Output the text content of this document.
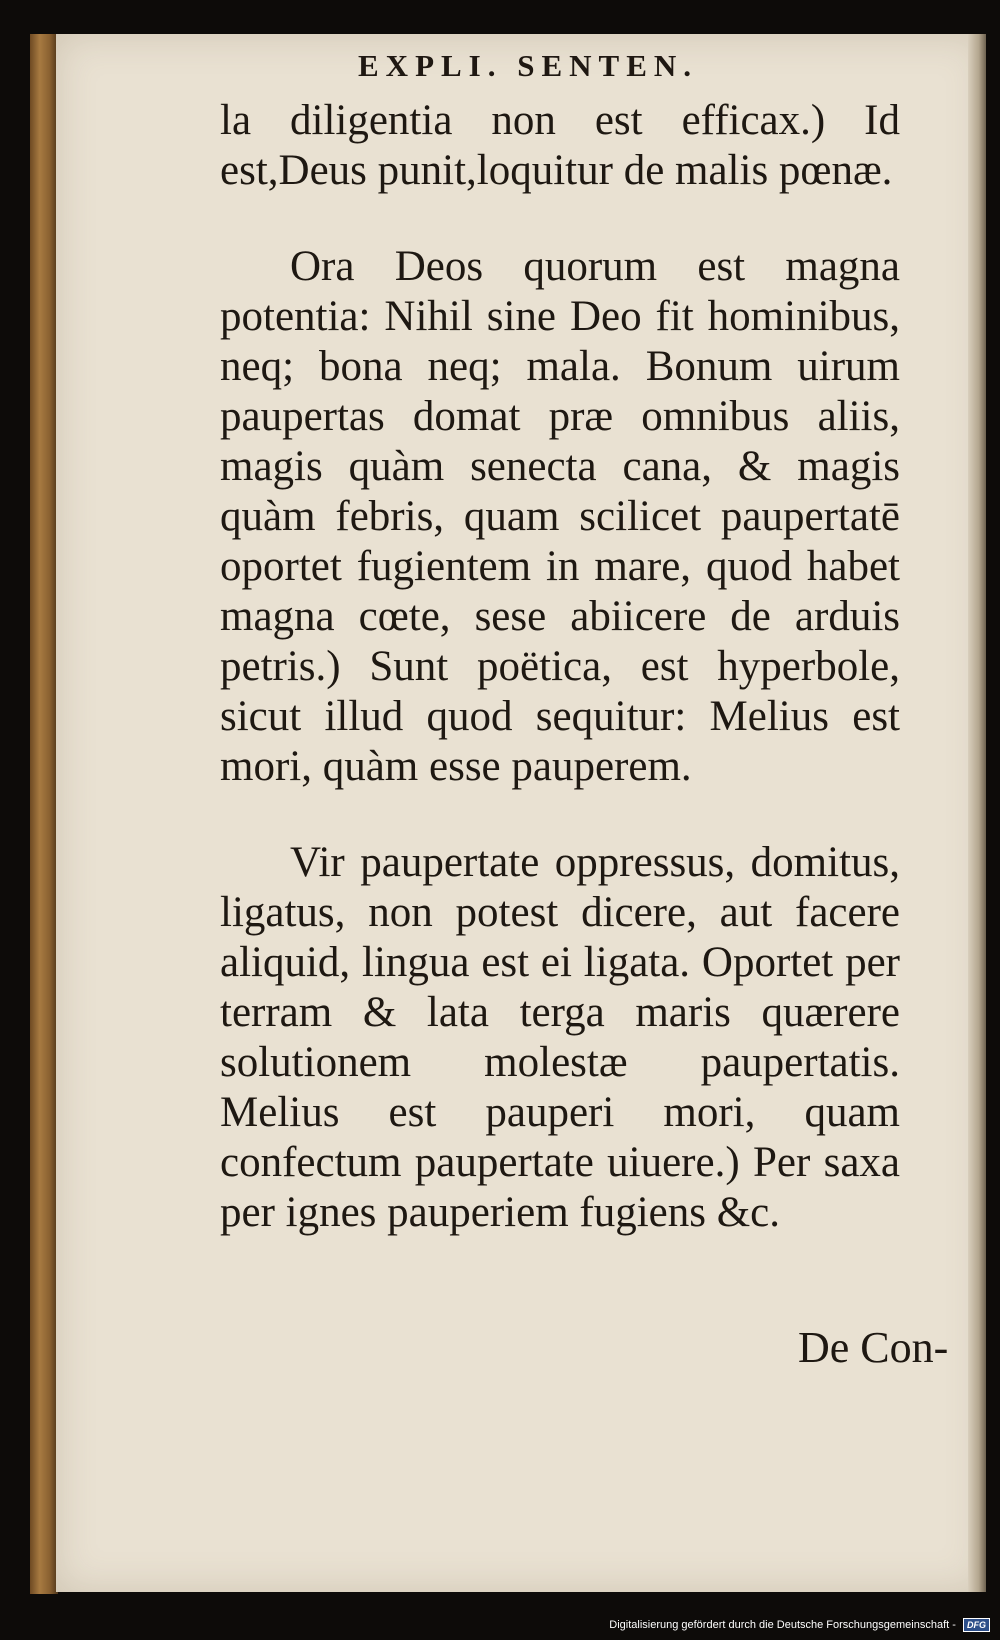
EXPLI. SENTEN.

la diligentia non est efficax.) Id est,Deus punit,loquitur de malis pœnæ.

Ora Deos quorum est magna potentia: Nihil sine Deo fit hominibus, neq; bona neq; mala. Bonum uirum paupertas domat præ omnibus aliis, magis quàm senecta cana, & magis quàm febris, quam scilicet paupertatē oportet fugientem in mare, quod habet magna cœte, sese abiicere de arduis petris.) Sunt poëtica, est hyperbole, sicut illud quod sequitur: Melius est mori, quàm esse pauperem.

Vir paupertate oppressus, domitus, ligatus, non potest dicere, aut facere aliquid, lingua est ei ligata. Oportet per terram & lata terga maris quærere solutionem molestæ paupertatis. Melius est pauperi mori, quam confectum paupertate uiuere.) Per saxa per ignes pauperiem fugiens &c.

De Con-
Digitalisierung gefördert durch die Deutsche Forschungsgemeinschaft - DFG
